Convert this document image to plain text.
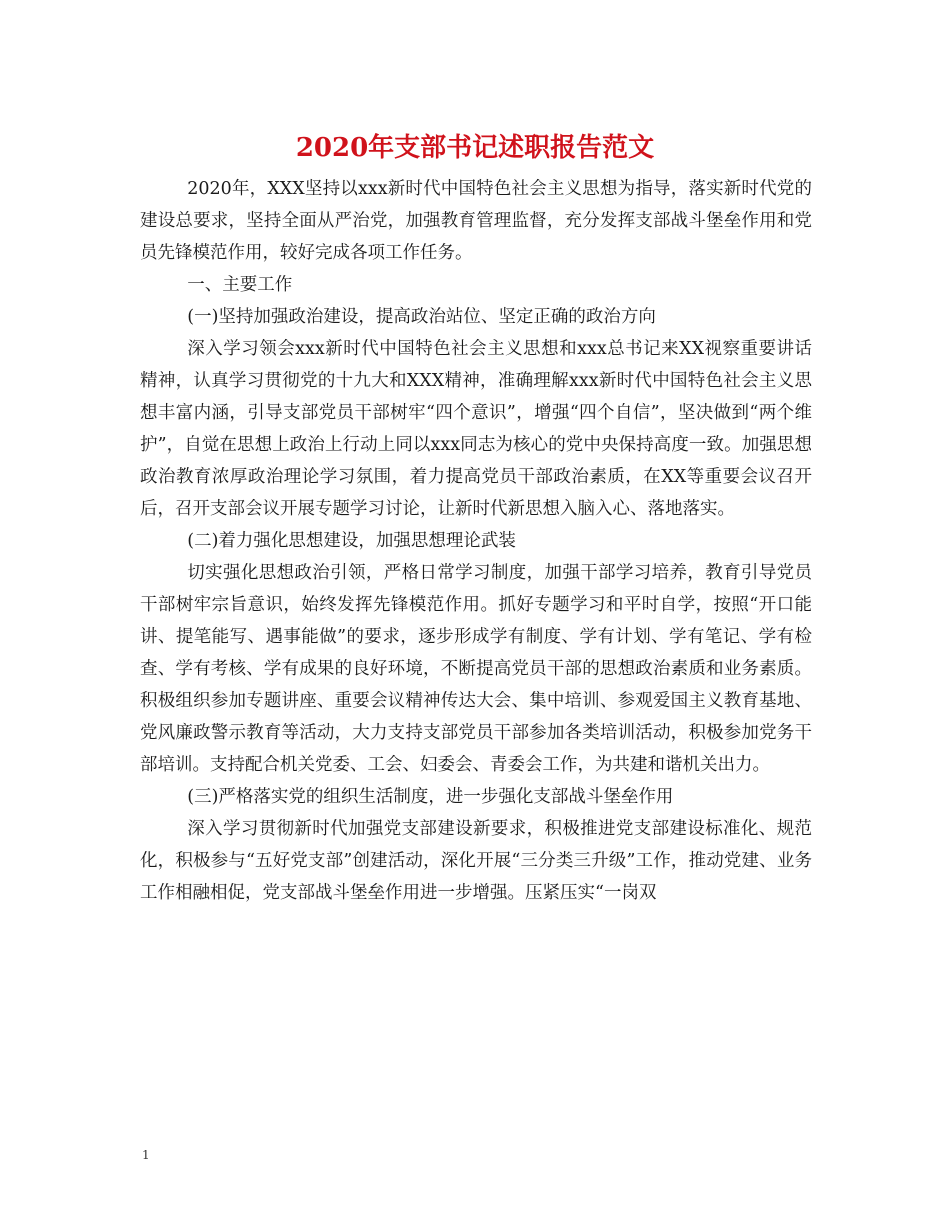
2020年支部书记述职报告范文

2020年，XXX坚持以xxx新时代中国特色社会主义思想为指导，落实新时代党的建设总要求，坚持全面从严治党，加强教育管理监督，充分发挥支部战斗堡垒作用和党员先锋模范作用，较好完成各项工作任务。

一、主要工作

(一)坚持加强政治建设，提高政治站位、坚定正确的政治方向

深入学习领会xxx新时代中国特色社会主义思想和xxx总书记来XX视察重要讲话精神，认真学习贯彻党的十九大和XXX精神，准确理解xxx新时代中国特色社会主义思想丰富内涵，引导支部党员干部树牢“四个意识”，增强“四个自信”，坚决做到“两个维护”，自觉在思想上政治上行动上同以xxx同志为核心的党中央保持高度一致。加强思想政治教育浓厚政治理论学习氛围，着力提高党员干部政治素质，在XX等重要会议召开后，召开支部会议开展专题学习讨论，让新时代新思想入脑入心、落地落实。

(二)着力强化思想建设，加强思想理论武装

切实强化思想政治引领，严格日常学习制度，加强干部学习培养，教育引导党员干部树牢宗旨意识，始终发挥先锋模范作用。抓好专题学习和平时自学，按照“开口能讲、提笔能写、遇事能做”的要求，逐步形成学有制度、学有计划、学有笔记、学有检查、学有考核、学有成果的良好环境，不断提高党员干部的思想政治素质和业务素质。积极组织参加专题讲座、重要会议精神传达大会、集中培训、参观爱国主义教育基地、党风廉政警示教育等活动，大力支持支部党员干部参加各类培训活动，积极参加党务干部培训。支持配合机关党委、工会、妇委会、青委会工作，为共建和谐机关出力。

(三)严格落实党的组织生活制度，进一步强化支部战斗堡垒作用

深入学习贯彻新时代加强党支部建设新要求，积极推进党支部建设标准化、规范化，积极参与“五好党支部”创建活动，深化开展“三分类三升级”工作，推动党建、业务工作相融相促，党支部战斗堡垒作用进一步增强。压紧压实“一岗双

1
